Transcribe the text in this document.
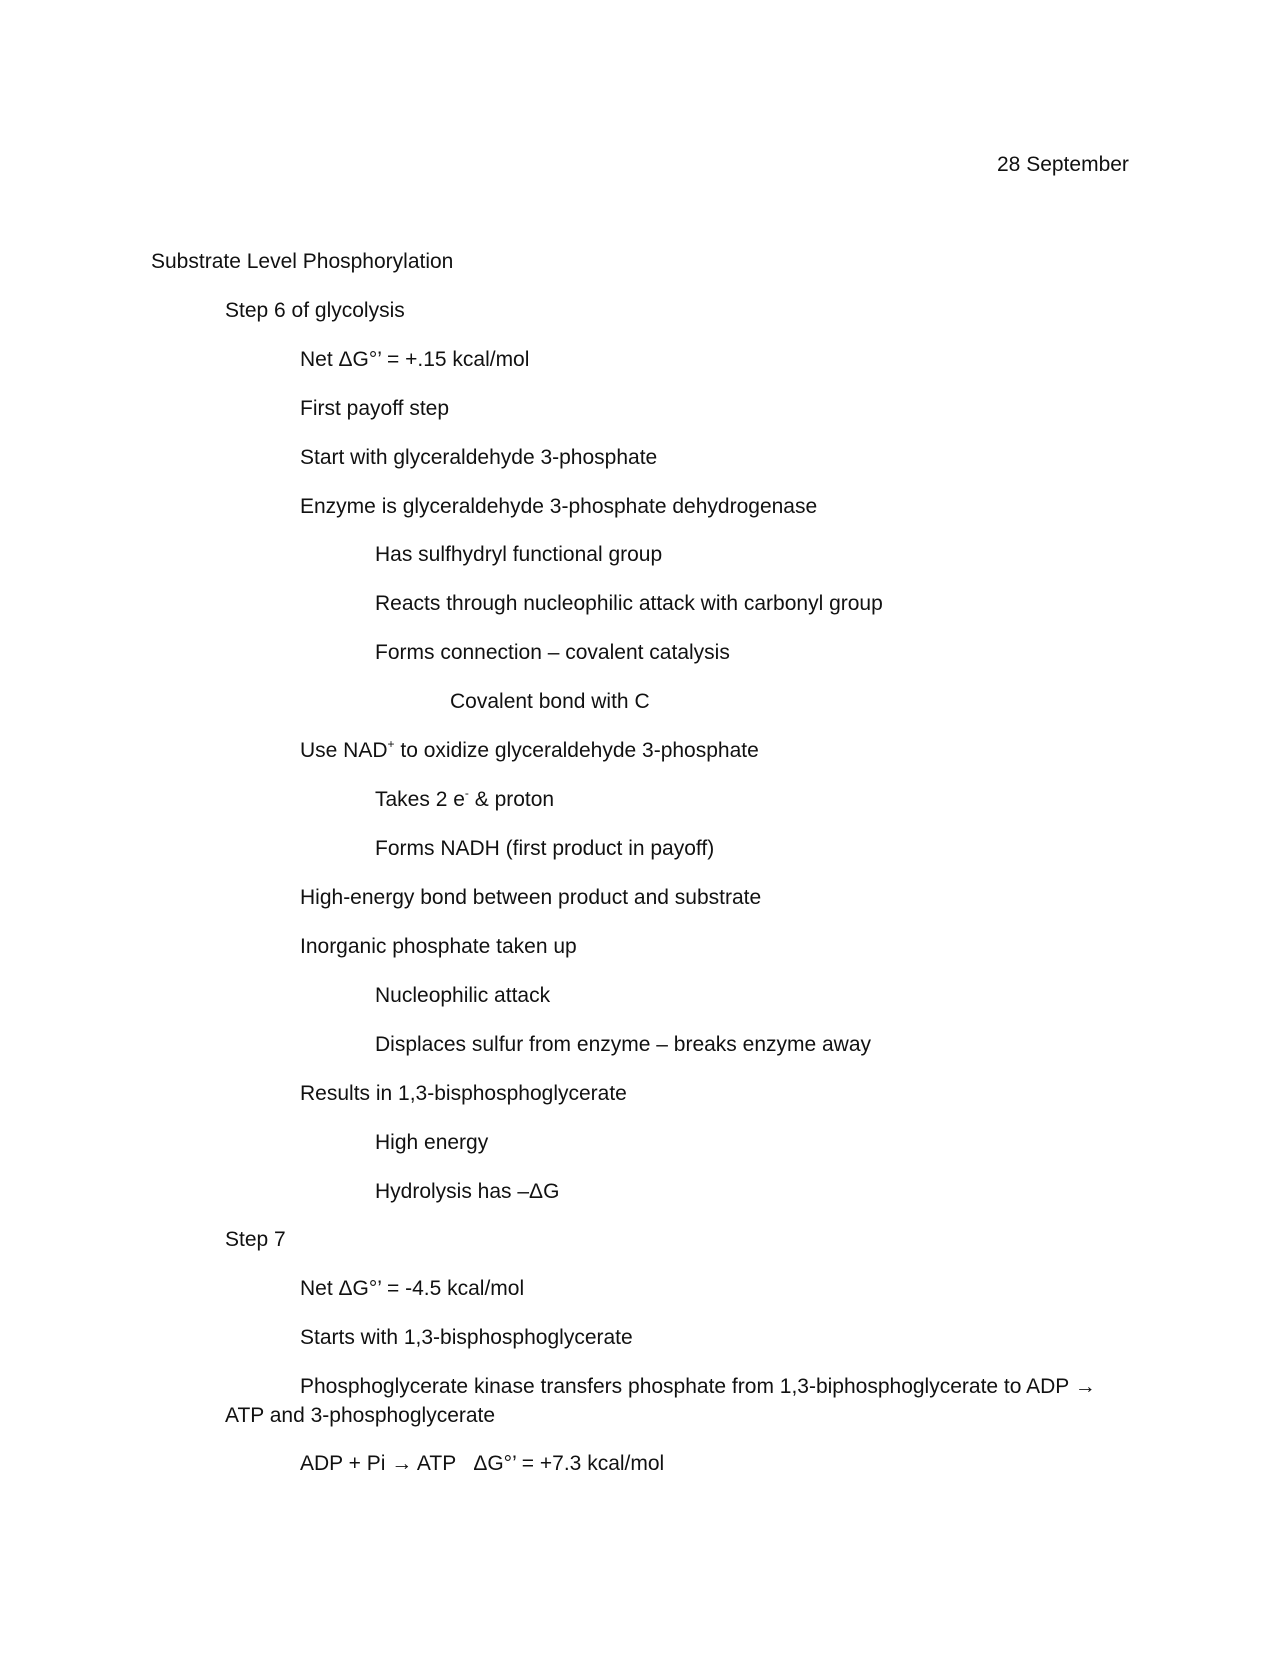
28 September
Substrate Level Phosphorylation
Step 6 of glycolysis
Net ΔG°’ = +.15 kcal/mol
First payoff step
Start with glyceraldehyde 3-phosphate
Enzyme is glyceraldehyde 3-phosphate dehydrogenase
Has sulfhydryl functional group
Reacts through nucleophilic attack with carbonyl group
Forms connection – covalent catalysis
Covalent bond with C
Use NAD+ to oxidize glyceraldehyde 3-phosphate
Takes 2 e- & proton
Forms NADH (first product in payoff)
High-energy bond between product and substrate
Inorganic phosphate taken up
Nucleophilic attack
Displaces sulfur from enzyme – breaks enzyme away
Results in 1,3-bisphosphoglycerate
High energy
Hydrolysis has –ΔG
Step 7
Net ΔG°’ = -4.5 kcal/mol
Starts with 1,3-bisphosphoglycerate
Phosphoglycerate kinase transfers phosphate from 1,3-biphosphoglycerate to ADP → ATP and 3-phosphoglycerate
ADP + Pi → ATP   ΔG°’ = +7.3 kcal/mol
